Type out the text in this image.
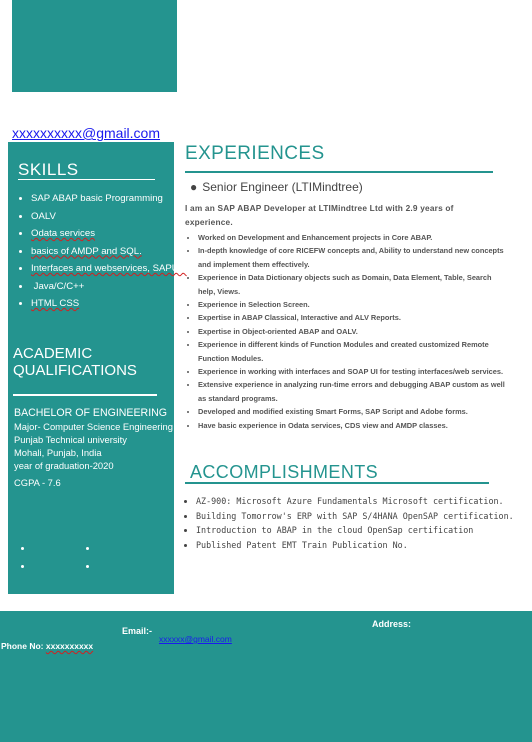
xxxxxxxxxx@gmail.com
SKILLS
• SAP ABAP basic Programming
• OALV
• Odata services
• basics of AMDP and SQL.
• Interfaces and webservices, SAPUI5
•  Java/C/C++
• HTML CSS
ACADEMIC QUALIFICATIONS
BACHELOR OF ENGINEERING
Major- Computer Science Engineering
Punjab Technical university
Mohali, Punjab, India
year of graduation-2020
CGPA - 7.6
EXPERIENCES
● Senior Engineer (LTIMindtree)
I am an SAP ABAP Developer at LTIMindtree Ltd with 2.9 years of experience.
• Worked on Development and Enhancement projects in Core ABAP.
• In-depth knowledge of core RICEFW concepts and, Ability to understand new concepts and implement them effectively.
• Experience in Data Dictionary objects such as Domain, Data Element, Table, Search help, Views.
• Experience in Selection Screen.
• Expertise in ABAP Classical, Interactive and ALV Reports.
• Expertise in Object-oriented ABAP and OALV.
• Experience in different kinds of Function Modules and created customized Remote Function Modules.
• Experience in working with interfaces and SOAP UI for testing interfaces/web services.
• Extensive experience in analyzing run-time errors and debugging ABAP custom as well as standard programs.
• Developed and modified existing Smart Forms, SAP Script and Adobe forms.
• Have basic experience in Odata services, CDS view and AMDP classes.
ACCOMPLISHMENTS
• AZ-900: Microsoft Azure Fundamentals Microsoft certification.
• Building Tomorrow's ERP with SAP S/4HANA OpenSAP certification.
• Introduction to ABAP in the cloud OpenSap certification
• Published Patent EMT Train Publication No.
Email:-
xxxxxx@gmail.com
Address:
Phone No: xxxxxxxxxx
